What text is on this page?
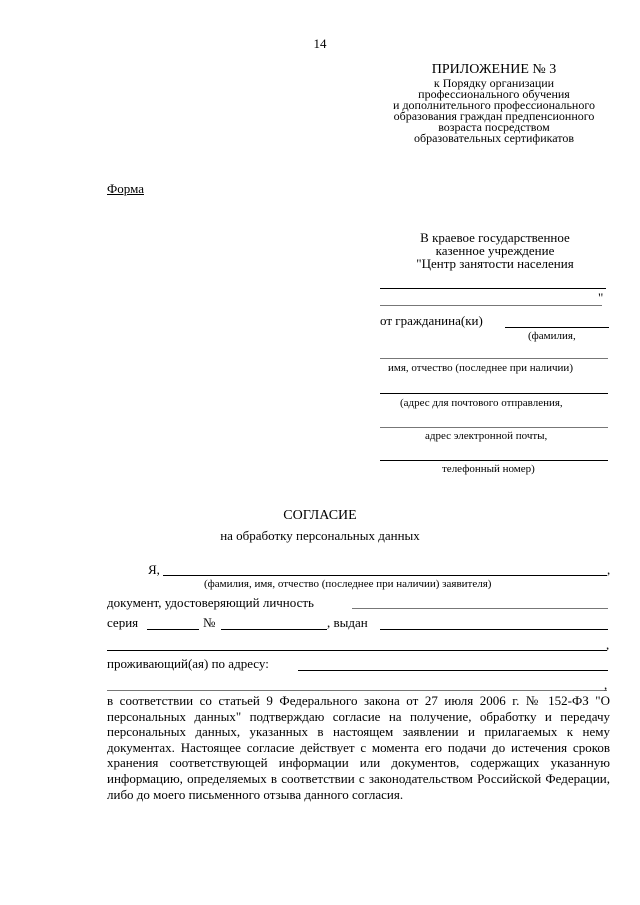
14
ПРИЛОЖЕНИЕ № 3
к Порядку организации
профессионального обучения
и дополнительного профессионального
образования граждан предпенсионного
возраста посредством
образовательных сертификатов
Форма
В краевое государственное
казенное учреждение
"Центр занятости населения
"
от гражданина(ки)
(фамилия,
имя, отчество (последнее при наличии)
(адрес для почтового отправления,
адрес электронной почты,
телефонный номер)
СОГЛАСИЕ
на обработку персональных данных
Я,	,
(фамилия, имя, отчество (последнее при наличии) заявителя)
документ, удостоверяющий личность
серия	№	, выдан
,
проживающий(ая) по адресу:
,
в соответствии со статьей 9 Федерального закона от 27 июля 2006 г. № 152-ФЗ "О персональных данных" подтверждаю согласие на получение, обработку и передачу персональных данных, указанных в настоящем заявлении и прилагаемых к нему документах. Настоящее согласие действует с момента его подачи до истечения сроков хранения соответствующей информации или документов, содержащих указанную информацию, определяемых в соответствии с законодательством Российской Федерации, либо до моего письменного отзыва данного согласия.
